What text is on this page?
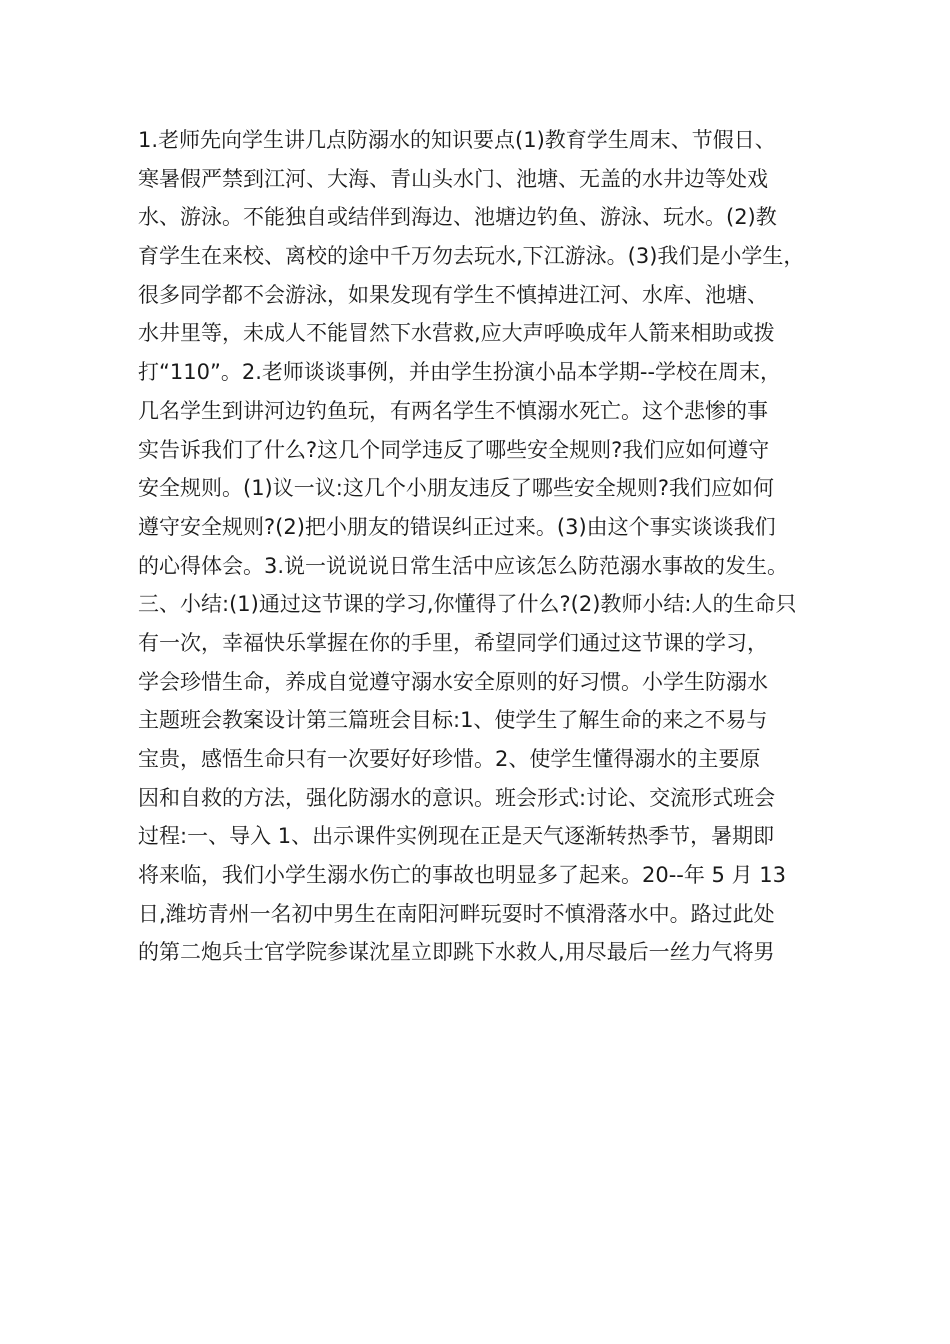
1.老师先向学生讲几点防溺水的知识要点(1)教育学生周末、节假日、
寒暑假严禁到江河、大海、青山头水门、池塘、无盖的水井边等处戏
水、游泳。不能独自或结伴到海边、池塘边钓鱼、游泳、玩水。(2)教
育学生在来校、离校的途中千万勿去玩水,下江游泳。(3)我们是小学生，
很多同学都不会游泳，如果发现有学生不慎掉进江河、水库、池塘、
水井里等，未成人不能冒然下水营救,应大声呼唤成年人箭来相助或拨
打“110”。2.老师谈谈事例，并由学生扮演小品本学期--学校在周末，
几名学生到讲河边钓鱼玩，有两名学生不慎溺水死亡。这个悲惨的事
实告诉我们了什么?这几个同学违反了哪些安全规则?我们应如何遵守
安全规则。(1)议一议:这几个小朋友违反了哪些安全规则?我们应如何
遵守安全规则?(2)把小朋友的错误纠正过来。(3)由这个事实谈谈我们
的心得体会。3.说一说说说日常生活中应该怎么防范溺水事故的发生。
三、小结:(1)通过这节课的学习,你懂得了什么?(2)教师小结:人的生命只
有一次，幸福快乐掌握在你的手里，希望同学们通过这节课的学习，
学会珍惜生命，养成自觉遵守溺水安全原则的好习惯。小学生防溺水
主题班会教案设计第三篇班会目标:1、使学生了解生命的来之不易与
宝贵，感悟生命只有一次要好好珍惜。2、使学生懂得溺水的主要原
因和自救的方法，强化防溺水的意识。班会形式:讨论、交流形式班会
过程:一、导入 1、出示课件实例现在正是天气逐渐转热季节，暑期即
将来临，我们小学生溺水伤亡的事故也明显多了起来。20--年 5 月 13
日,潍坊青州一名初中男生在南阳河畔玩耍时不慎滑落水中。路过此处
的第二炮兵士官学院参谋沈星立即跳下水救人,用尽最后一丝力气将男
